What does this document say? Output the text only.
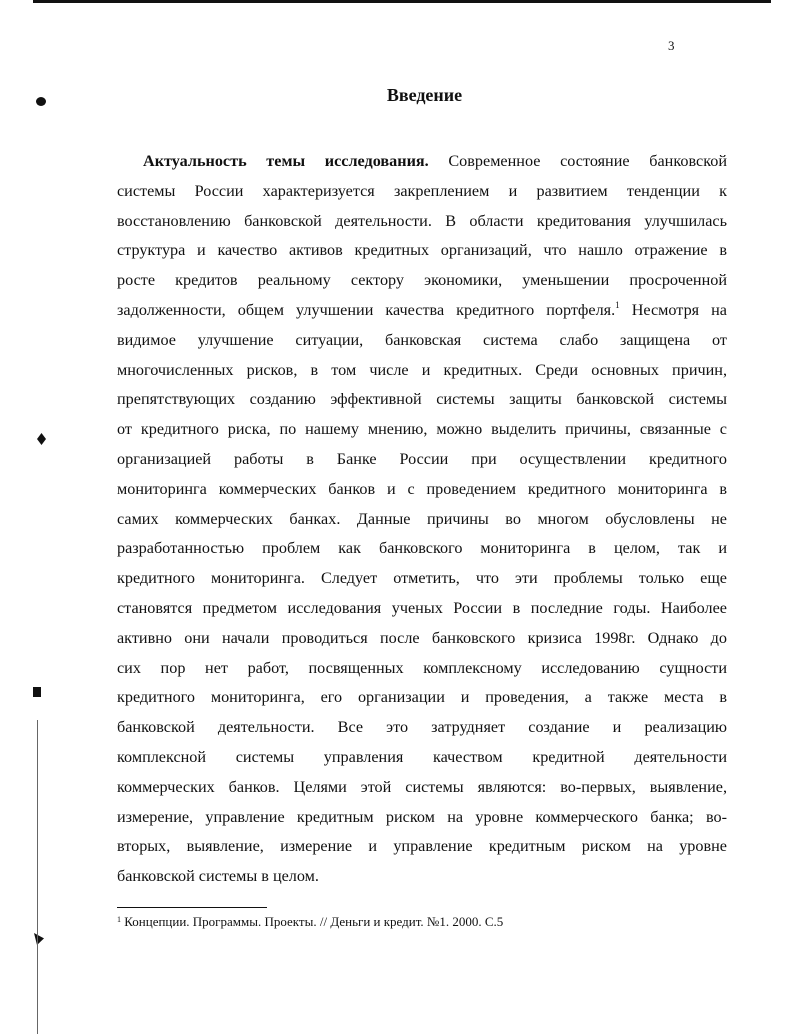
3
Введение
Актуальность темы исследования. Современное состояние банковской
системы России характеризуется закреплением и развитием тенденции к
восстановлению банковской деятельности. В области кредитования улучшилась
структура и качество активов кредитных организаций, что нашло отражение в
росте кредитов реальному сектору экономики, уменьшении просроченной
задолженности, общем улучшении качества кредитного портфеля.$^1$ Несмотря на
видимое улучшение ситуации, банковская система слабо защищена от
многочисленных рисков, в том числе и кредитных. Среди основных причин,
препятствующих созданию эффективной системы защиты банковской системы
от кредитного риска, по нашему мнению, можно выделить причины, связанные с
организацией работы в Банке России при осуществлении кредитного
мониторинга коммерческих банков и с проведением кредитного мониторинга в
самих коммерческих банках. Данные причины во многом обусловлены не
разработанностью проблем как банковского мониторинга в целом, так и
кредитного мониторинга. Следует отметить, что эти проблемы только еще
становятся предметом исследования ученых России в последние годы. Наиболее
активно они начали проводиться после банковского кризиса 1998г. Однако до
сих пор нет работ, посвященных комплексному исследованию сущности
кредитного мониторинга, его организации и проведения, а также места в
банковской деятельности. Все это затрудняет создание и реализацию
комплексной системы управления качеством кредитной деятельности
коммерческих банков. Целями этой системы являются: во-первых, выявление,
измерение, управление кредитным риском на уровне коммерческого банка; во-
вторых, выявление, измерение и управление кредитным риском на уровне
банковской системы в целом.
$^1$ Концепции. Программы. Проекты. // Деньги и кредит. №1. 2000. С.5
